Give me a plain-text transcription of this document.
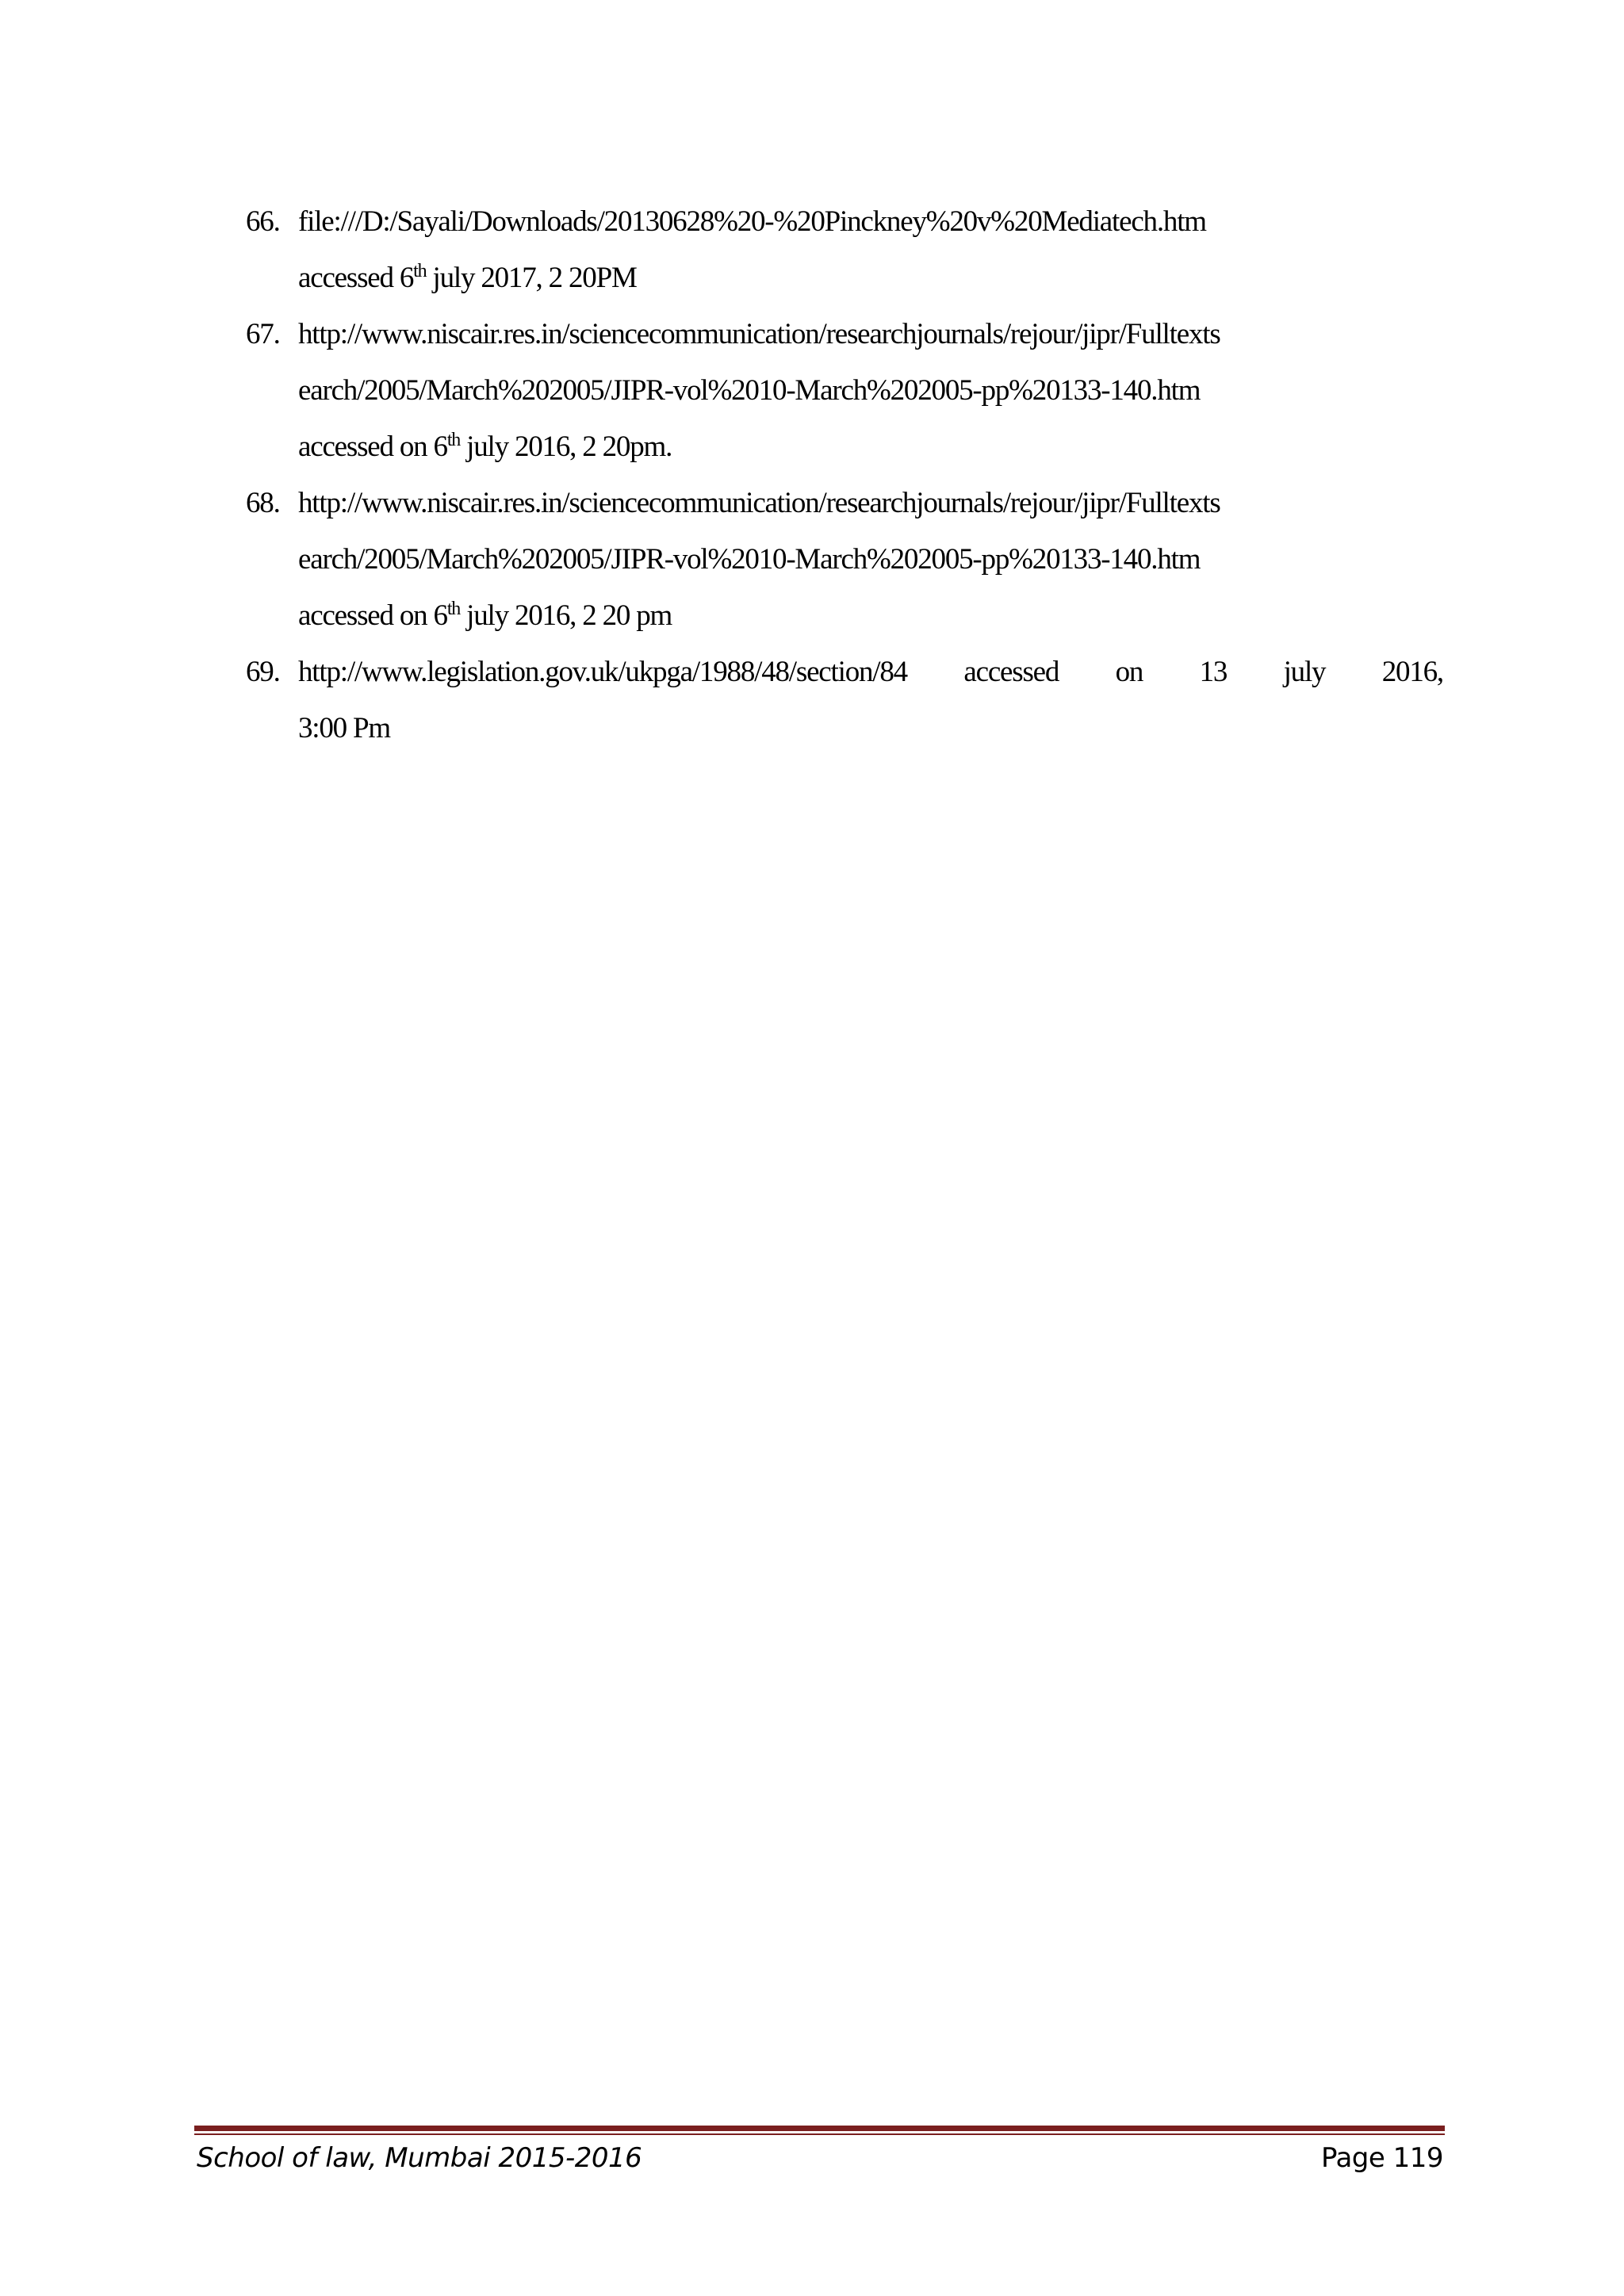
66. file:///D:/Sayali/Downloads/20130628%20-%20Pinckney%20v%20Mediatech.htm
accessed 6th july 2017, 2 20PM
67. http://www.niscair.res.in/sciencecommunication/researchjournals/rejour/jipr/Fulltexts
earch/2005/March%202005/JIPR-vol%2010-March%202005-pp%20133-140.htm
accessed on 6th july 2016, 2 20pm.
68. http://www.niscair.res.in/sciencecommunication/researchjournals/rejour/jipr/Fulltexts
earch/2005/March%202005/JIPR-vol%2010-March%202005-pp%20133-140.htm
accessed on 6th july 2016, 2 20 pm
69. http://www.legislation.gov.uk/ukpga/1988/48/section/84 accessed on 13 july 2016,
3:00 Pm
School of law, Mumbai 2015-2016	Page 119
